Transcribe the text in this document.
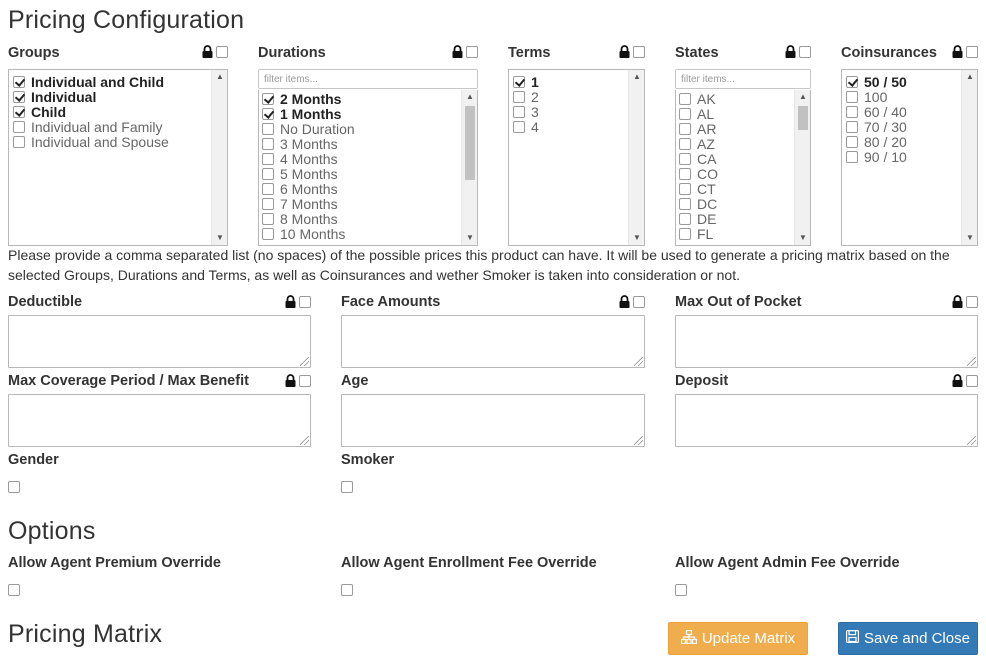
Pricing Configuration
Groups
Individual and Child
Individual
Child
Individual and Family
Individual and Spouse
▲
▼
Durations
filter items...
2 Months
1 Months
No Duration
3 Months
4 Months
5 Months
6 Months
7 Months
8 Months
10 Months
▲
▼
Terms
1
2
3
4
▲
▼
States
filter items...
AK
AL
AR
AZ
CA
CO
CT
DC
DE
FL
▲
▼
Coinsurances
50 / 50
100
60 / 40
70 / 30
80 / 20
90 / 10
▲
▼
Please provide a comma separated list (no spaces) of the possible prices this product can have. It will be used to generate a pricing matrix based on the selected Groups, Durations and Terms, as well as Coinsurances and wether Smoker is taken into consideration or not.
Deductible	Face Amounts	Max Out of Pocket
Max Coverage Period / Max Benefit	Age	Deposit
Gender	Smoker
Options
Allow Agent Premium Override	Allow Agent Enrollment Fee Override	Allow Agent Admin Fee Override
Pricing Matrix	Update Matrix	Save and Close
